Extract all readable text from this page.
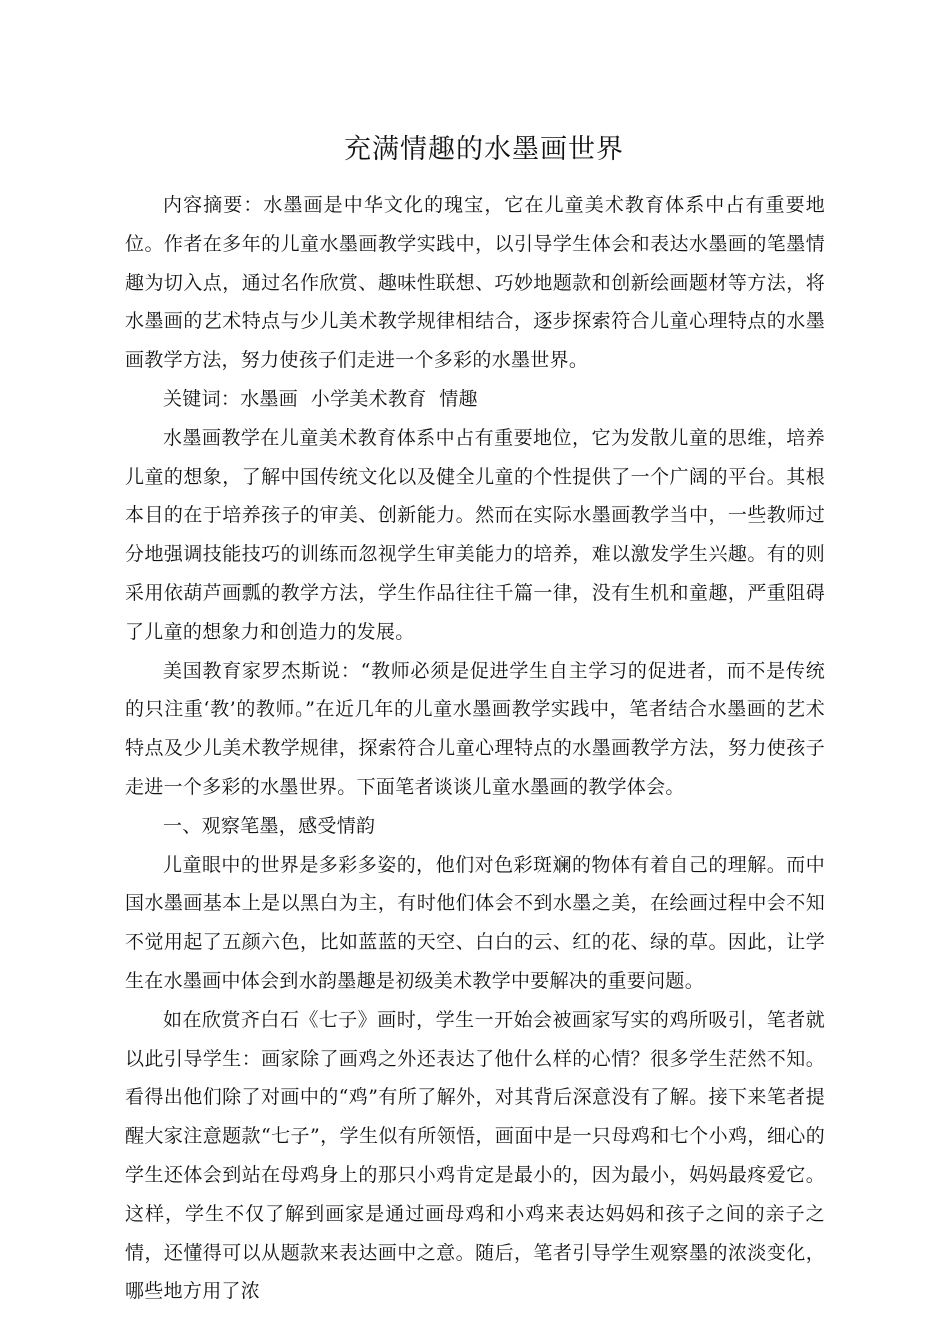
充满情趣的水墨画世界

内容摘要：水墨画是中华文化的瑰宝，它在儿童美术教育体系中占有重要地位。作者在多年的儿童水墨画教学实践中，以引导学生体会和表达水墨画的笔墨情趣为切入点，通过名作欣赏、趣味性联想、巧妙地题款和创新绘画题材等方法，将水墨画的艺术特点与少儿美术教学规律相结合，逐步探索符合儿童心理特点的水墨画教学方法，努力使孩子们走进一个多彩的水墨世界。

关键词：水墨画  小学美术教育  情趣

水墨画教学在儿童美术教育体系中占有重要地位，它为发散儿童的思维，培养儿童的想象，了解中国传统文化以及健全儿童的个性提供了一个广阔的平台。其根本目的在于培养孩子的审美、创新能力。然而在实际水墨画教学当中，一些教师过分地强调技能技巧的训练而忽视学生审美能力的培养，难以激发学生兴趣。有的则采用依葫芦画瓢的教学方法，学生作品往往千篇一律，没有生机和童趣，严重阻碍了儿童的想象力和创造力的发展。

美国教育家罗杰斯说：“教师必须是促进学生自主学习的促进者，而不是传统的只注重‘教’的教师。”在近几年的儿童水墨画教学实践中，笔者结合水墨画的艺术特点及少儿美术教学规律，探索符合儿童心理特点的水墨画教学方法，努力使孩子走进一个多彩的水墨世界。下面笔者谈谈儿童水墨画的教学体会。

一、观察笔墨，感受情韵

儿童眼中的世界是多彩多姿的，他们对色彩斑斓的物体有着自己的理解。而中国水墨画基本上是以黑白为主，有时他们体会不到水墨之美，在绘画过程中会不知不觉用起了五颜六色，比如蓝蓝的天空、白白的云、红的花、绿的草。因此，让学生在水墨画中体会到水韵墨趣是初级美术教学中要解决的重要问题。

如在欣赏齐白石《七子》画时，学生一开始会被画家写实的鸡所吸引，笔者就以此引导学生：画家除了画鸡之外还表达了他什么样的心情？很多学生茫然不知。看得出他们除了对画中的“鸡”有所了解外，对其背后深意没有了解。接下来笔者提醒大家注意题款“七子”，学生似有所领悟，画面中是一只母鸡和七个小鸡，细心的学生还体会到站在母鸡身上的那只小鸡肯定是最小的，因为最小，妈妈最疼爱它。这样，学生不仅了解到画家是通过画母鸡和小鸡来表达妈妈和孩子之间的亲子之情，还懂得可以从题款来表达画中之意。随后，笔者引导学生观察墨的浓淡变化，哪些地方用了浓
